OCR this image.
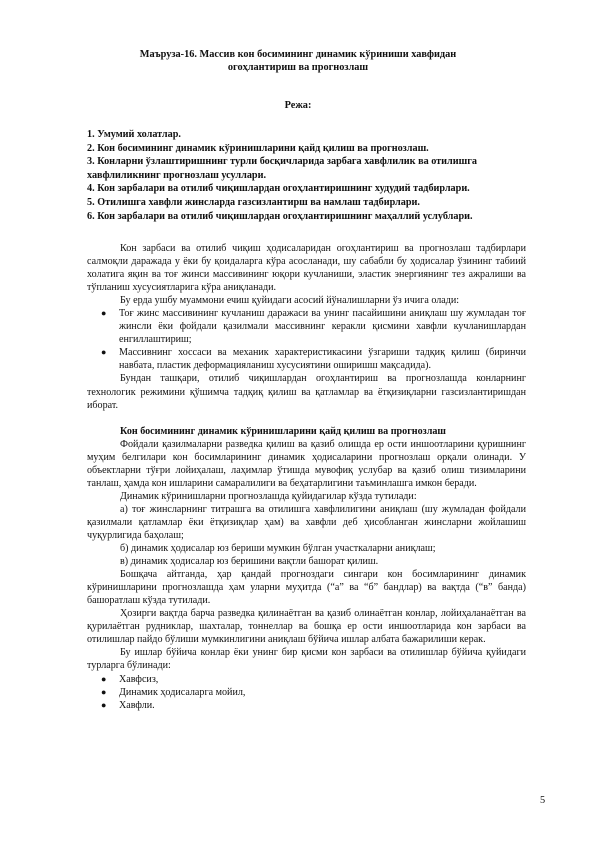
Маъруза-16. Массив кон босимининг динамик кўриниши хавфидан
огоҳлантириш ва прогнозлаш
Режа:

1. Умумий холатлар.

2. Кон босимининг динамик кўринишларини қайд қилиш ва прогнозлаш.

3. Конларни ўзлаштиришнинг турли босқичларида зарбага хавфлилик ва отилишга хавфлиликнинг прогнозлаш усуллари.

4. Кон зарбалари ва отилиб чиқишлардан огоҳлантиришнинг худудий тадбирлари.

5. Отилишга хавфли жинсларда газсизлантирш ва намлаш тадбирлари.

6. Кон зарбалари ва отилиб чиқишлардан огоҳлантиришнинг маҳаллий услублари.

Кон зарбаси ва отилиб чиқиш ҳодисаларидан огоҳлантириш ва прогнозлаш тадбирлари салмоқли даражада у ёки бу қоидаларга кўра асосланади, шу сабабли бу ҳодисалар ўзининг табиий холатига яқин ва тоғ жинси массивининг юқори кучланиши, эластик энергиянинг тез ажралиши ва тўпланиш хусусиятларига кўра аниқланади.

Бу ерда ушбу муаммони ечиш қуйидаги асосий йўналишларни ўз ичига олади:

● Тоғ жинс массивининг кучланиш даражаси ва унинг пасайишини аниқлаш шу жумладан тоғ жинсли ёки фойдали қазилмали массивнинг керакли қисмини хавфли кучланишлардан енгиллаштириш;

● Массивнинг хоссаси ва механик характеристикасини ўзгариши тадқиқ қилиш (биринчи навбата, пластик деформацияланиш хусусиятини оширишш мақсадида).

Бундан ташқари, отилиб чиқишлардан огоҳлантириш ва прогнозлашда конларнинг технологик режимини қўшимча тадқиқ қилиш ва қатламлар ва ётқизиқларни газсизлантиришдан иборат.

Кон босимининг динамик кўринишларини қайд қилиш ва прогнозлаш

Фойдали қазилмаларни разведка қилиш ва қазиб олишда ер ости иншоотларини қуришнинг муҳим белгилари кон босимларининг динамик ҳодисаларини прогнозлаш орқали олинади. У объектларни тўғри лойиҳалаш, лаҳимлар ўтишда мувофиқ услубар ва қазиб олиш тизимларини танлаш, ҳамда кон ишларини самаралилиги ва беҳатарлигини таъминлашга имкон беради.

Динамик кўринишларни прогнозлашда қуйидагилар кўзда тутилади:

а) тоғ жинсларнинг титрашга ва отилишга хавфлилигини аниқлаш (шу жумладан фойдали қазилмали қатламлар ёки ётқизиқлар ҳам) ва хавфли деб ҳисобланган жинсларни жойлашиш чуқурлигида баҳолаш;

б) динамик ҳодисалар юз бериши мумкин бўлган участкаларни аниқлаш;

в) динамик ҳодисалар юз беришини вақтли башорат қилиш.

Бошқача айтганда, ҳар қандай прогноздаги сингари кон босимларининг динамик кўринишларини прогнозлашда ҳам уларни муҳитда (“а” ва “б” бандлар) ва вақтда (“в” банда) башоратлаш кўзда тутилади.

Ҳозирги вақтда барча разведка қилинаётган ва қазиб олинаётган конлар, лойиҳаланаётган ва қурилаётган рудниклар, шахталар, тоннеллар ва бошқа ер ости иншоотларида кон зарбаси ва отилишлар пайдо бўлиши мумкинлигини аниқлаш бўйича ишлар албата бажарилиши керак.

Бу ишлар бўйича конлар ёки унинг бир қисми кон зарбаси ва отилишлар бўйича қуйидаги турларга бўлинади:

● Хавфсиз,

● Динамик ҳодисаларга мойил,

● Хавфли.

5
